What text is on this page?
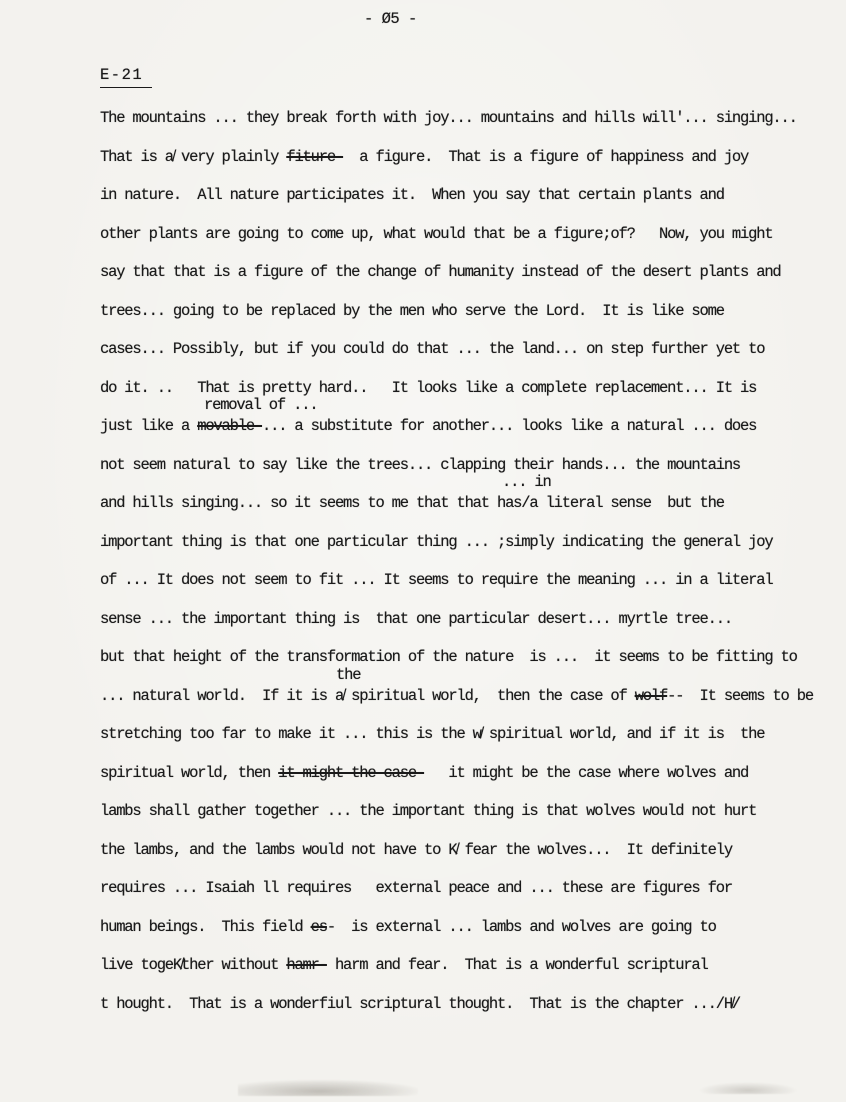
- Ø5 -
E-21
The mountains ... they break forth with joy... mountains and hills will'... singing...
That is a̸ very plainly fiture-  a figure.  That is a figure of happiness and joy
in nature.  All nature participates it.  When you say that certain plants and
other plants are going to come up, what would that be a figure;of?   Now, you might
say that that is a figure of the change of humanity instead of the desert plants and
trees... going to be replaced by the men who serve the Lord.  It is like some
cases... Possibly, but if you could do that ... the land... on step further yet to
do it. ..   That is pretty hard..   It looks like a complete replacement... It is
removal of ...
just like a movable-... a substitute for another... looks like a natural ... does
not seem natural to say like the trees... clapping their hands... the mountains
... in
and hills singing... so it seems to me that that has/a literal sense  but the
important thing is that one particular thing ... ;simply indicating the general joy
of ... It does not seem to fit ... It seems to require the meaning ... in a literal
sense ... the important thing is  that one particular desert... myrtle tree...
but that height of the transformation of the nature  is ...  it seems to be fitting to
the
... natural world.  If it is a̸ spiritual world,  then the case of wolf--  It seems to be
stretching too far to make it ... this is the w̸ spiritual world, and if it is  the
spiritual world, then it might the case-   it might be the case where wolves and
lambs shall gather together ... the important thing is that wolves would not hurt
the lambs, and the lambs would not have to K̸ fear the wolves...  It definitely
requires ... Isaiah ll requires   external peace and ... these are figures for
human beings.  This field es-  is external ... lambs and wolves are going to
live togeK̸ther without hamr- harm and fear.  That is a wonderful scriptural
t hought.  That is a wonderfiul scriptural thought.  That is the chapter .../H̸/
